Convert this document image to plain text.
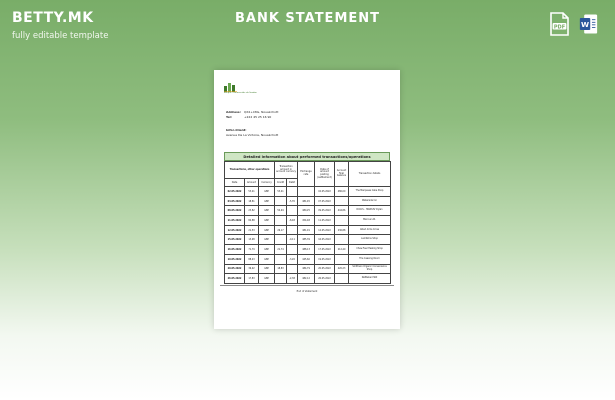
BETTY.MK
fully editable template
BANK STATEMENT
PDF W
Banque Commerciale du Soudan
Address: QX2+C8G, Nouakchott
Tel:	+222 45 25 16 90
Infor-Client:
Avenue De La Victoire, Nouakchott
Detailed information about performed transactions/operations
Transactions, other operations			Transaction amount in account currency		Exchange rate	Date of amount posting (settlement)	Account final balance	Transaction details

Date	Amount	Currency	Credit	Debit				
02.05.2022	53,41	GBP	53,41			02.05.2022	486,00	The Marquees Cake Shop
04.05.2022	18,81	GBP		-5,35	481,45	07.05.2022		Waterside Inn
08.05.2022	23,82	GBP	50,94		480,25	09.05.2022	444,86	DOG'S - HOWLIN' Dylan
11.05.2022	84,88	GBP		-8,48	454,48	11.05.2022		Marcus Ltd.
12.05.2022	21,53	GBP	26,17		481,91	12.05.2022	236,88	Allied Arms Cross
15.05.2022	13,98	GBP		-0,11	485,39	16.05.2022		Lambkins Shop
16.05.2022	71,79	GBP	21,74		488,13	17.05.2022	212,40	Chew Feel Healing Shop
19.05.2022	88,43	GBP		-3,26	445,60	19.05.2022		The Ceasing Room
20.05.2022	36,92	GBP	18,83		484,79	20.05.2022	420,23	Smithson Organic Convenience Shop
26.05.2022	17,83	GBP		-2,38	482,12	26.05.2022		Nettlebed Still
End of statement
